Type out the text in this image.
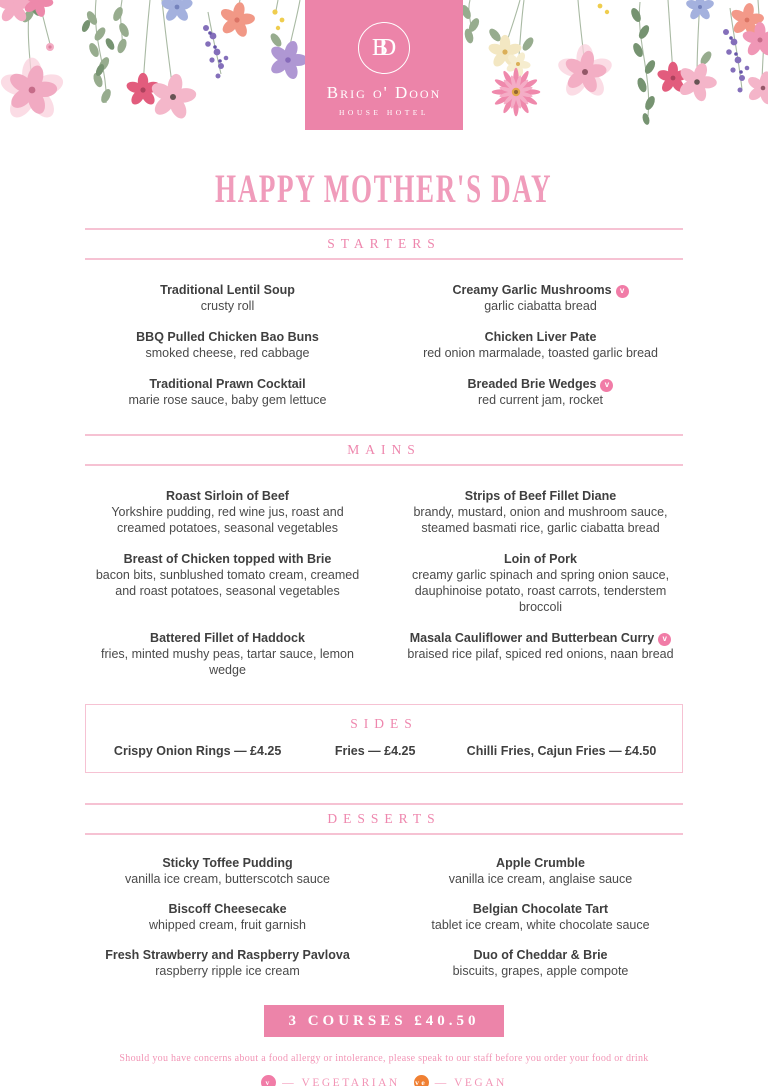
BD
Brig o' Doon
HOUSE HOTEL
HAPPY MOTHER'S DAY
STARTERS
Traditional Lentil Soup
crusty roll
Creamy Garlic Mushrooms v
garlic ciabatta bread
BBQ Pulled Chicken Bao Buns
smoked cheese, red cabbage
Chicken Liver Pate
red onion marmalade, toasted garlic bread
Traditional Prawn Cocktail
marie rose sauce, baby gem lettuce
Breaded Brie Wedges v
red current jam, rocket
MAINS
Roast Sirloin of Beef
Yorkshire pudding, red wine jus, roast and creamed potatoes, seasonal vegetables
Strips of Beef Fillet Diane
brandy, mustard, onion and mushroom sauce, steamed basmati rice, garlic ciabatta bread
Breast of Chicken topped with Brie
bacon bits, sunblushed tomato cream, creamed and roast potatoes, seasonal vegetables
Loin of Pork
creamy garlic spinach and spring onion sauce, dauphinoise potato, roast carrots, tenderstem broccoli
Battered Fillet of Haddock
fries, minted mushy peas, tartar sauce, lemon wedge
Masala Cauliflower and Butterbean Curry v
braised rice pilaf, spiced red onions, naan bread
SIDES
Crispy Onion Rings — £4.25	Fries — £4.25	Chilli Fries, Cajun Fries — £4.50
DESSERTS
Sticky Toffee Pudding
vanilla ice cream, butterscotch sauce
Apple Crumble
vanilla ice cream, anglaise sauce
Biscoff Cheesecake
whipped cream, fruit garnish
Belgian Chocolate Tart
tablet ice cream, white chocolate sauce
Fresh Strawberry and Raspberry Pavlova
raspberry ripple ice cream
Duo of Cheddar & Brie
biscuits, grapes, apple compote
3 COURSES £40.50

Should you have concerns about a food allergy or intolerance, please speak to our staff before you order your food or drink

v — VEGETARIAN ve — VEGAN
